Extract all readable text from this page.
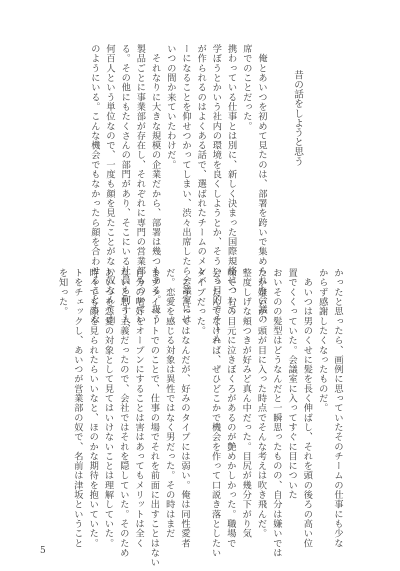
昔の話をしようと思う
かったと思ったら、画例に思っていたそのチームの仕事にも少な
からず感謝したくなったものだ。
　あいつは男のくせに髪を長く伸ばし、それを頭の後ろの高い位
置でくくっていた。会議室に入ってすぐに目についた
おいそのの髪型はどうなんだと一瞬思ったものの、自分は嫌いでは
たか嫌いか、頭が目に入った時点でそんな考えは吹き飛んだ。
整度しげな頬つきが好みど真ん中だった。目尻が幾分下がり気
味で、右の目元に泣きぼくろがあるのが艶めかしかった。職場で
会ったんでなければ、ぜひどこかで機会を作って口説き落としたい
タイプだった。
　こう言ってはなんだが、好みのタイプには弱い。俺は同性愛者
だ。恋愛を感じる対象は異性ではなく男だった。その時はまだ
まプライベートでのことで、仕事の場でそれを前面に出すことはない
自分の嗜好をオープンにすることは害はあってもメリットは全く
ないと思う主義だったので、会社ではそれを隠していた。そのため
あいつを恋愛の対象として見てはいけないことは理解していた。
時々でも顔を見られたらいいなと、ほのかな期待を抱いていた。
トをチェックし、あいつが営業部の奴で、名前は津坂ということ
を知った。	　俺とあいつを初めて見たのは、部署を跨いで集められた会議の
席でのことだった。
携わっている仕事とは別に、新しく決まった国際規格について
学ぼうとかいう社内の環境を良くしようとか、そういう目的でチーム
が作られるのはよくある話で、選ばれたチームのメンバ
ーになることを仰せつかってしまい、渋々出席したら会議室には
いつの間か来ていたわけだ。
　それなりに大きな規模の企業だから、部署は幾つもある。扱う
製品ごとに事業部が存在し、それぞれに専門の営業部もついてい
る。その他にもたくさんの部門があり、そこにいる社員も何十人、
何百人という単位なので、一度も顔を見たことがない奴なんて山
のようにいる。こんな機会でもなかったら顔を合わせることもな
5
